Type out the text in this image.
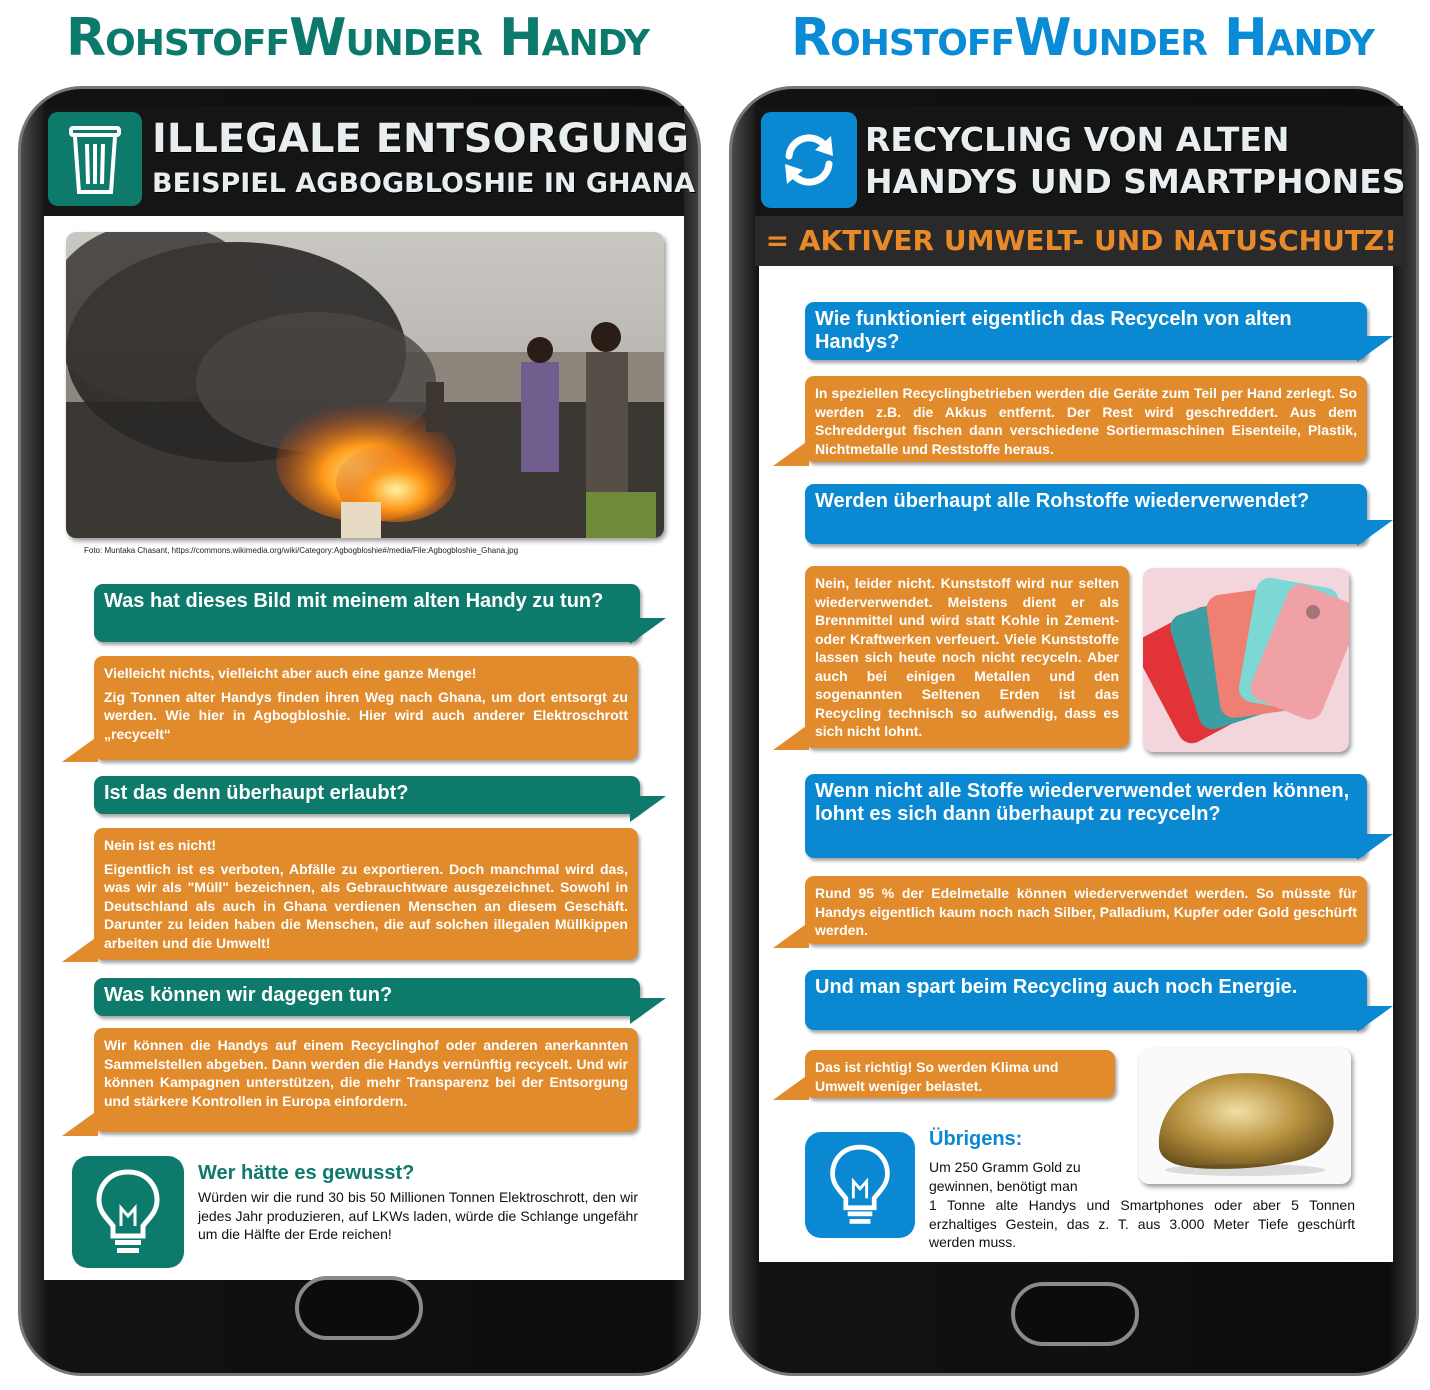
RohstoffWunder Handy
ILLEGALE ENTSORGUNG
BEISPIEL AGBOGBLOSHIE IN GHANA
Foto: Muntaka Chasant, https://commons.wikimedia.org/wiki/Category:Agbogbloshie#/media/File:Agbogbloshie_Ghana.jpg
Was hat dieses Bild mit meinem alten Handy zu tun?
Vielleicht nichts, vielleicht aber auch eine ganze Menge!
Zig Tonnen alter Handys finden ihren Weg nach Ghana, um dort entsorgt zu werden. Wie hier in Agbogbloshie. Hier wird auch anderer Elektroschrott „recycelt“
Ist das denn überhaupt erlaubt?
Nein ist es nicht!
Eigentlich ist es verboten, Abfälle zu exportieren. Doch manchmal wird das, was wir als "Müll" bezeichnen, als Gebrauchtware ausgezeichnet. Sowohl in Deutschland als auch in Ghana verdienen Menschen an diesem Geschäft. Darunter zu leiden haben die Menschen, die auf solchen illegalen Müllkippen arbeiten und die Umwelt!
Was können wir dagegen tun?
Wir können die Handys auf einem Recyclinghof oder anderen anerkannten Sammelstellen abgeben. Dann werden die Handys vernünftig recycelt. Und wir können Kampagnen unterstützen, die mehr Transparenz bei der Entsorgung und stärkere Kontrollen in Europa einfordern.
Wer hätte es gewusst?
Würden wir die rund 30 bis 50 Millionen Tonnen Elektroschrott, den wir jedes Jahr produzieren, auf LKWs laden, würde die Schlange ungefähr um die Hälfte der Erde reichen!
RohstoffWunder Handy
RECYCLING VON ALTEN
HANDYS UND SMARTPHONES
= AKTIVER UMWELT- UND NATUSCHUTZ!
Wie funktioniert eigentlich das Recyceln von alten Handys?
In speziellen Recyclingbetrieben werden die Geräte zum Teil per Hand zerlegt. So werden z.B. die Akkus entfernt. Der Rest wird geschreddert. Aus dem Schreddergut fischen dann verschiedene Sortiermaschinen Eisenteile, Plastik, Nichtmetalle und Reststoffe heraus.
Werden überhaupt alle Rohstoffe wiederverwendet?
Nein, leider nicht. Kunststoff wird nur selten wiederverwendet. Meistens dient er als Brennmittel und wird statt Kohle in Zement- oder Kraftwerken verfeuert. Viele Kunststoffe lassen sich heute noch nicht recyceln. Aber auch bei einigen Metallen und den sogenannten Seltenen Erden ist das Recycling technisch so aufwendig, dass es sich nicht lohnt.
Wenn nicht alle Stoffe wiederverwendet werden können, lohnt es sich dann überhaupt zu recyceln?
Rund 95 % der Edelmetalle können wiederverwendet werden. So müsste für Handys eigentlich kaum noch nach Silber, Palladium, Kupfer oder Gold geschürft werden.
Und man spart beim Recycling auch noch Energie.
Das ist richtig! So werden Klima und Umwelt weniger belastet.
Übrigens:
Um 250 Gramm Gold zu gewinnen, benötigt man
1 Tonne alte Handys und Smartphones oder aber 5 Tonnen erzhaltiges Gestein, das z. T. aus 3.000 Meter Tiefe geschürft werden muss.
